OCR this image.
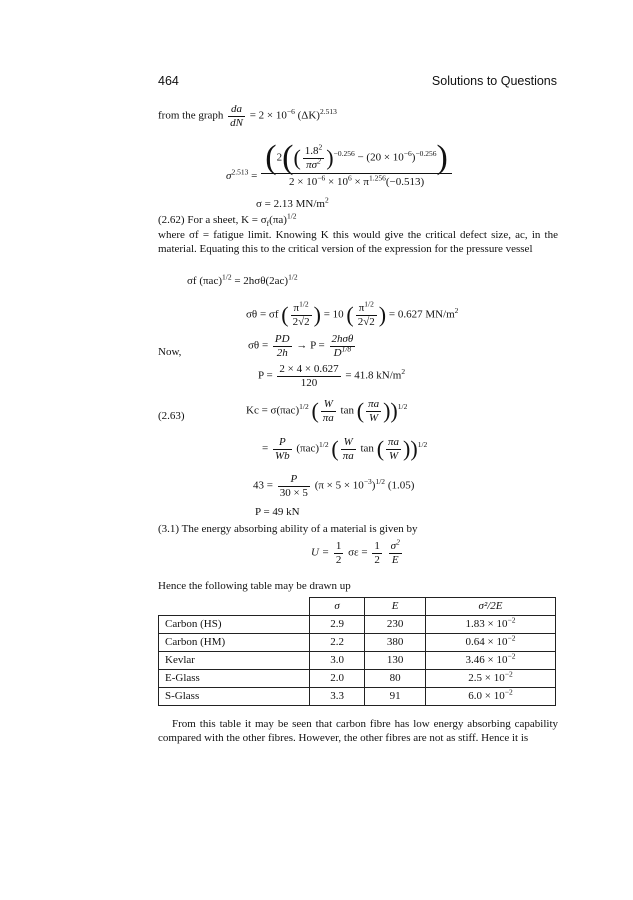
464	Solutions to Questions
from the graph $\frac{da}{dN} = 2 \times 10^{-6}$ $(\Delta K)^{2.513}$
$\sigma^{2.513} = \frac{(2(( \frac{1.8^2}{\pi\sigma^2} )^{-0.256} - (20 \times 10^{-6})^{-0.256})}{2 \times 10^{-6} \times 10^6 \times \pi^{1.256}(-0.513)}$
σ = 2.13 $MN/m^2$
(2.62) For a sheet, $K = \sigma_f(\pi a)^{1/2}$
where σf = fatigue limit. Knowing K this would give the critical defect size, ac, in the material. Equating this to the critical version of the expression for the pressure vessel
σf $(\pi ac)^{1/2} = 2h\sigma\theta(2ac)^{1/2}$
σθ = σf ( $\frac{\pi^{1/2}}{2√2}$ ) = 10 ( $\frac{\pi^{1/2}}{2√2}$ ) = 0.627 $MN/m^2$
Now,
$\sigma\theta = \frac{PD}{2h} \to P = \frac{\text{2hσθ}}{D^{1/8}}$
$P = \frac{2 \times 4 \times 0.627}{120} = 41.8$ $kN/m^2$
(2.63)	$Kc = \sigma(\pi ac)^{1/2}$ ( $\frac{W}{\pi a}$ tan ( $\frac{\pi a}{W} ))^{1/2}$
= $\frac{P}{Wb} (\pi ac)^{1/2}$ ( $\frac{W}{\pi a}$ tan ( $\frac{\pi a}{W} ))^{1/2}$
$43 = \frac{P}{30 \times 5} (\pi \times 5 \times 10^{-3})^{1/2}$ (1.05)
P = 49 kN
(3.1) The energy absorbing ability of a material is given by
$U = \frac{1}{2}$ $\sigma\varepsilon = \frac{1}{2}$
$\frac{\sigma^2}{E}$
Hence the following table may be drawn up
	σ	E	σ²/2E
Carbon (HS)	2.9	230	$1.83 \times 10^{-2}$
Carbon (HM)	2.2	380	$0.64 \times 10^{-2}$
Kevlar	3.0	130	$3.46 \times 10^{-2}$
E-Glass	2.0	80	$2.5 \times 10^{-2}$
S-Glass	3.3	91	$6.0 \times 10^{-2}$
From this table it may be seen that carbon fibre has low energy absorbing capability compared with the other fibres. However, the other fibres are not as stiff. Hence it is
